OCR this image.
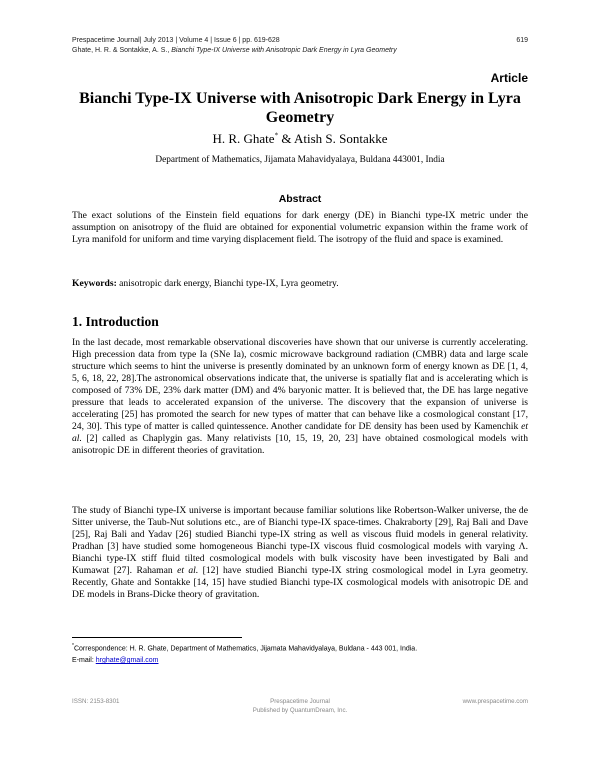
Prespacetime Journal| July 2013 | Volume 4 | Issue 6 | pp. 619-628
Ghate, H. R. & Sontakke, A. S., Bianchi Type-IX Universe with Anisotropic Dark Energy in Lyra Geometry
619
Article
Bianchi Type-IX Universe with Anisotropic Dark Energy in Lyra Geometry
H. R. Ghate* & Atish S. Sontakke
Department of Mathematics, Jijamata Mahavidyalaya, Buldana 443001, India
Abstract

The exact solutions of the Einstein field equations for dark energy (DE) in Bianchi type-IX metric under the assumption on anisotropy of the fluid are obtained for exponential volumetric expansion within the frame work of Lyra manifold for uniform and time varying displacement field. The isotropy of the fluid and space is examined.

Keywords: anisotropic dark energy, Bianchi type-IX, Lyra geometry.

1. Introduction

In the last decade, most remarkable observational discoveries have shown that our universe is currently accelerating. High precession data from type Ia (SNe Ia), cosmic microwave background radiation (CMBR) data and large scale structure which seems to hint the universe is presently dominated by an unknown form of energy known as DE [1, 4, 5, 6, 18, 22, 28].The astronomical observations indicate that, the universe is spatially flat and is accelerating which is composed of 73% DE, 23% dark matter (DM) and 4% baryonic matter. It is believed that, the DE has large negative pressure that leads to accelerated expansion of the universe. The discovery that the expansion of universe is accelerating [25] has promoted the search for new types of matter that can behave like a cosmological constant [17, 24, 30]. This type of matter is called quintessence. Another candidate for DE density has been used by Kamenchik et al. [2] called as Chaplygin gas. Many relativists [10, 15, 19, 20, 23] have obtained cosmological models with anisotropic DE in different theories of gravitation.

The study of Bianchi type-IX universe is important because familiar solutions like Robertson-Walker universe, the de Sitter universe, the Taub-Nut solutions etc., are of Bianchi type-IX space-times. Chakraborty [29], Raj Bali and Dave [25], Raj Bali and Yadav [26] studied Bianchi type-IX string as well as viscous fluid models in general relativity. Pradhan [3] have studied some homogeneous Bianchi type-IX viscous fluid cosmological models with varying Λ. Bianchi type-IX stiff fluid tilted cosmological models with bulk viscosity have been investigated by Bali and Kumawat [27]. Rahaman et al. [12] have studied Bianchi type-IX string cosmological model in Lyra geometry. Recently, Ghate and Sontakke [14, 15] have studied Bianchi type-IX cosmological models with anisotropic DE and DE models in Brans-Dicke theory of gravitation.

*Correspondence: H. R. Ghate, Department of Mathematics, Jijamata Mahavidyalaya, Buldana - 443 001, India.
E-mail: hrghate@gmail.com
ISSN: 2153-8301	Prespacetime Journal
Published by QuantumDream, Inc.
www.prespacetime.com
